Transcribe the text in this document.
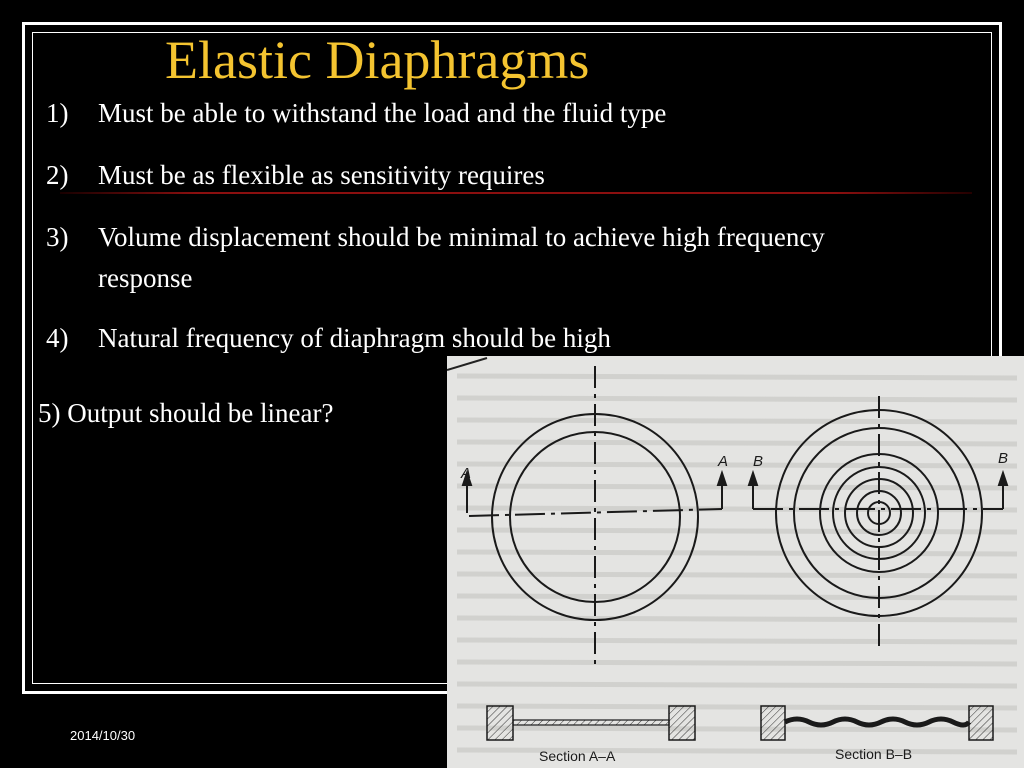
Elastic Diaphragms
1)	Must be able to withstand the load and the fluid type
2)	Must be as flexible as sensitivity requires
3)	Volume displacement should be minimal to achieve high frequency
response
4)	Natural frequency of diaphragm should be high
5) Output should be linear?
2014/10/30
A
A B	B
Section A–A	Section B–B
